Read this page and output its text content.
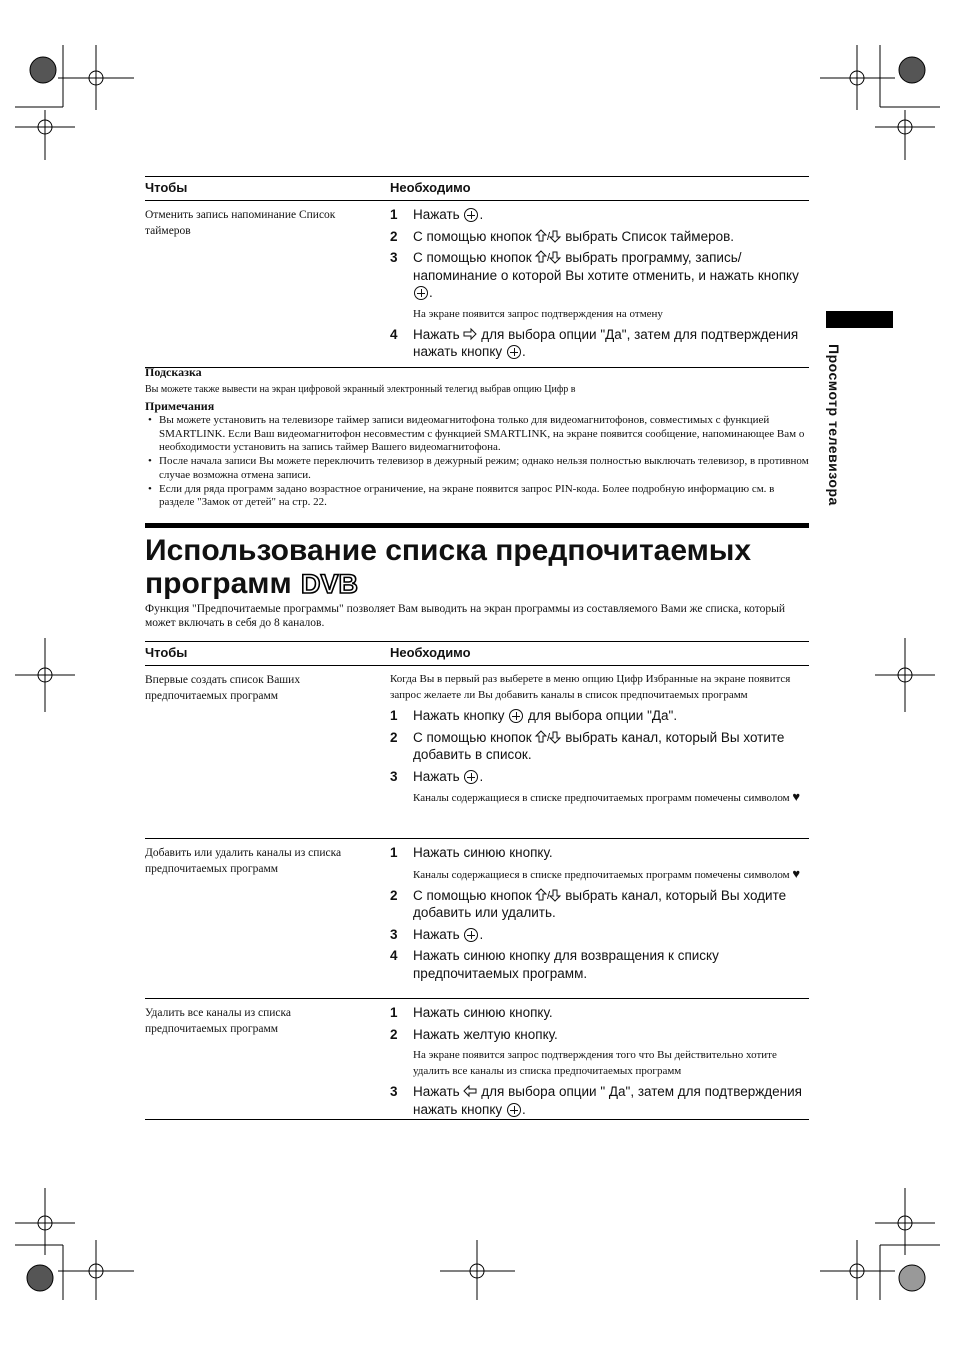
Просмотр телевизора
Чтобы	Необходимо
Отменить запись напоминание Список таймеров
1 Нажать .
2 С помощью кнопок / выбрать Список таймеров.
3 С помощью кнопок / выбрать программу, запись/напоминание о которой Вы хотите отменить, и нажать кнопку .
На экране появится запрос подтверждения на отмену
4 Нажать для выбора опции "Да", затем для подтверждения нажать кнопку .
Подсказка
Вы можете также вывести на экран цифровой экранный электронный телегид выбрав опцию Цифр в
Примечания
• Вы можете установить на телевизоре таймер записи видеомагнитофона только для видеомагнитофонов, совместимых с функцией SMARTLINK. Если Ваш видеомагнитофон несовместим с функцией SMARTLINK, на экране появится сообщение, напоминающее Вам о необходимости установить на запись таймер Вашего видеомагнитофона.
• После начала записи Вы можете переключить телевизор в дежурный режим; однако нельзя полностью выключать телевизор, в противном случае возможна отмена записи.
• Если для ряда программ задано возрастное ограничение, на экране появится запрос PIN-кода. Более подробную информацию см. в разделе "Замок от детей" на стр. 22.
Использование списка предпочитаемых
программ DVB
Функция "Предпочитаемые программы" позволяет Вам выводить на экран программы из составляемого Вами же списка, который может включать в себя до 8 каналов.
Чтобы	Необходимо
Впервые создать список Ваших предпочитаемых программ
Когда Вы в первый раз выберете в меню опцию Цифр Избранные на экране появится запрос желаете ли Вы добавить каналы в список предпочитаемых программ
1 Нажать кнопку для выбора опции "Да".
2 С помощью кнопок / выбрать канал, который Вы хотите добавить в список.
3 Нажать .
Каналы содержащиеся в списке предпочитаемых программ помечены символом ♥
Добавить или удалить каналы из списка предпочитаемых программ
1 Нажать синюю кнопку.
Каналы содержащиеся в списке предпочитаемых программ помечены символом ♥
2 С помощью кнопок / выбрать канал, который Вы ходите добавить или удалить.
3 Нажать .
4 Нажать синюю кнопку для возвращения к списку предпочитаемых программ.
Удалить все каналы из списка предпочитаемых программ
1 Нажать синюю кнопку.
2 Нажать желтую кнопку.
На экране появится запрос подтверждения того что Вы действительно хотите удалить все каналы из списка предпочитаемых программ
3 Нажать для выбора опции " Да", затем для подтверждения нажать кнопку .
